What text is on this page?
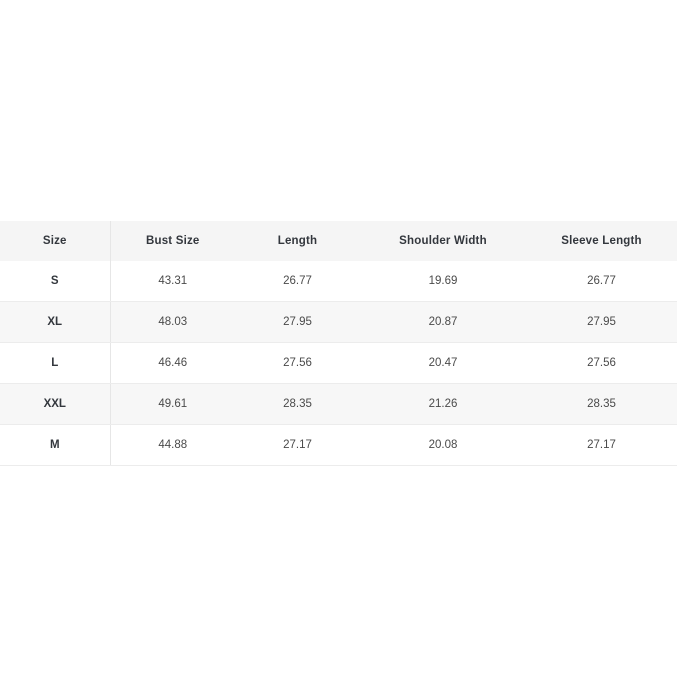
Size	Bust Size	Length	Shoulder Width	Sleeve Length
S	43.31	26.77	19.69	26.77
XL	48.03	27.95	20.87	27.95
L	46.46	27.56	20.47	27.56
XXL	49.61	28.35	21.26	28.35
M	44.88	27.17	20.08	27.17
